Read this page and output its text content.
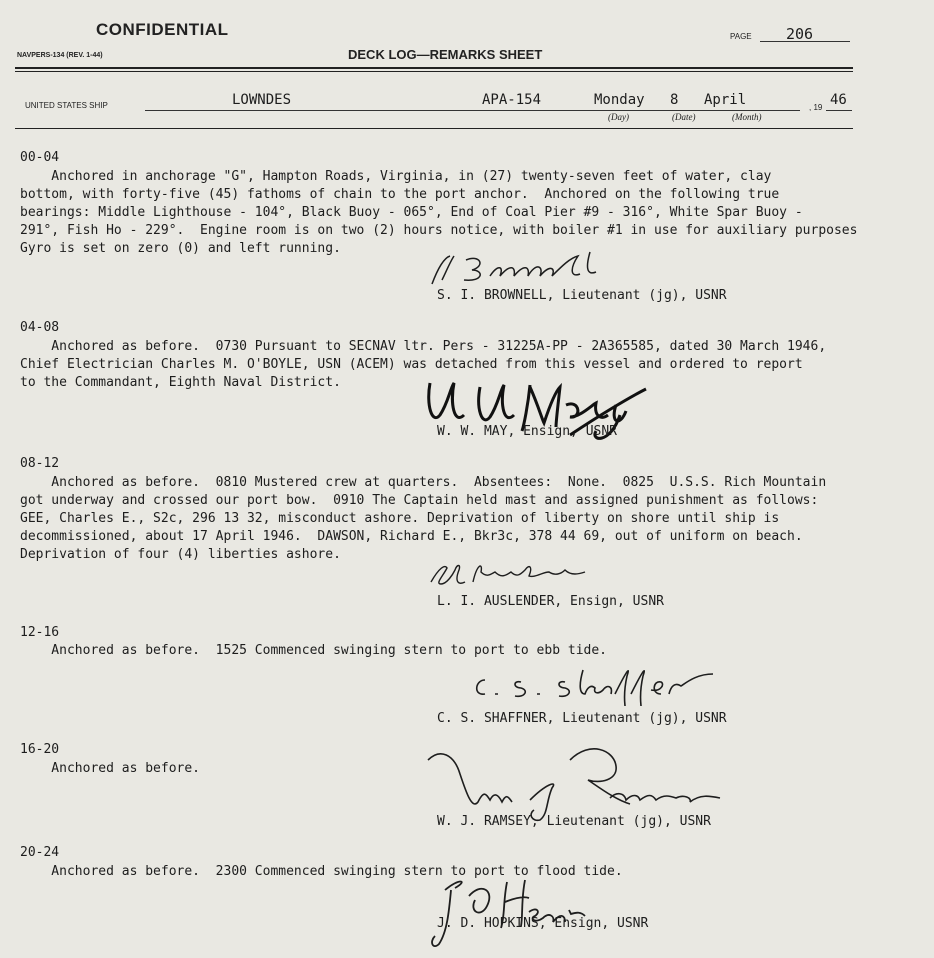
CONFIDENTIAL
NAVPERS-134 (REV. 1-44)	DECK LOG—REMARKS SHEET
PAGE 206
UNITED STATES SHIP	LOWNDES	APA-154	Monday 8 April	, 19 46
(Day)	(Date)	(Month)
00-04
Anchored in anchorage "G", Hampton Roads, Virginia, in (27) twenty-seven feet of water, clay
bottom, with forty-five (45) fathoms of chain to the port anchor.  Anchored on the following true
bearings: Middle Lighthouse - 104°, Black Buoy - 065°, End of Coal Pier #9 - 316°, White Spar Buoy -
291°, Fish Ho - 229°.  Engine room is on two (2) hours notice, with boiler #1 in use for auxiliary purposes
Gyro is set on zero (0) and left running.
S. I. BROWNELL, Lieutenant (jg), USNR
04-08
Anchored as before.  0730 Pursuant to SECNAV ltr. Pers - 31225A-PP - 2A365585, dated 30 March 1946,
Chief Electrician Charles M. O'BOYLE, USN (ACEM) was detached from this vessel and ordered to report
to the Commandant, Eighth Naval District.
W. W. MAY, Ensign, USNR
08-12
Anchored as before.  0810 Mustered crew at quarters.  Absentees:  None.  0825  U.S.S. Rich Mountain
got underway and crossed our port bow.  0910 The Captain held mast and assigned punishment as follows:
GEE, Charles E., S2c, 296 13 32, misconduct ashore. Deprivation of liberty on shore until ship is
decommissioned, about 17 April 1946.  DAWSON, Richard E., Bkr3c, 378 44 69, out of uniform on beach.
Deprivation of four (4) liberties ashore.
L. I. AUSLENDER, Ensign, USNR
12-16
Anchored as before.  1525 Commenced swinging stern to port to ebb tide.
C. S. SHAFFNER, Lieutenant (jg), USNR
16-20
Anchored as before.
W. J. RAMSEY, Lieutenant (jg), USNR
20-24
Anchored as before.  2300 Commenced swinging stern to port to flood tide.
J. D. HOPKINS, Ensign, USNR
